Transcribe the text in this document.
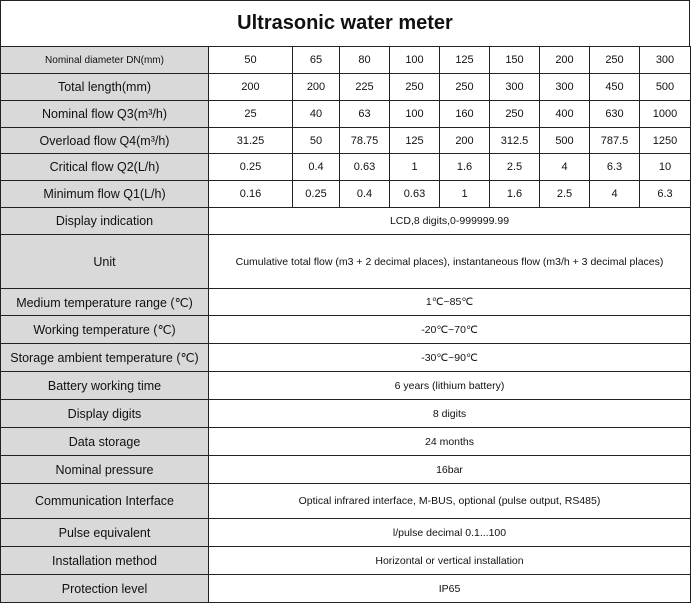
Ultrasonic water meter
Nominal diameter DN(mm)	50	65	80	100	125	150	200	250	300
Total length(mm)	200	200	225	250	250	300	300	450	500
Nominal flow Q3(m³/h)	25	40	63	100	160	250	400	630	1000
Overload flow Q4(m³/h)	31.25	50	78.75	125	200	312.5	500	787.5	1250
Critical flow Q2(L/h)	0.25	0.4	0.63	1	1.6	2.5	4	6.3	10
Minimum flow Q1(L/h)	0.16	0.25	0.4	0.63	1	1.6	2.5	4	6.3
Display indication	LCD,8 digits,0-999999.99								
Unit	Cumulative total flow (m3 + 2 decimal places), instantaneous flow (m3/h + 3 decimal places)								
Medium temperature range (℃)	1℃~85℃								
Working temperature (℃)	-20℃~70℃								
Storage ambient temperature (℃)	-30℃~90℃								
Battery working time	6 years (lithium battery)								
Display digits	8 digits								
Data storage	24 months								
Nominal pressure	16bar								
Communication Interface	Optical infrared interface, M-BUS, optional (pulse output, RS485)								
Pulse equivalent	l/pulse decimal 0.1...100								
Installation method	Horizontal or vertical installation								
Protection level	IP65								
